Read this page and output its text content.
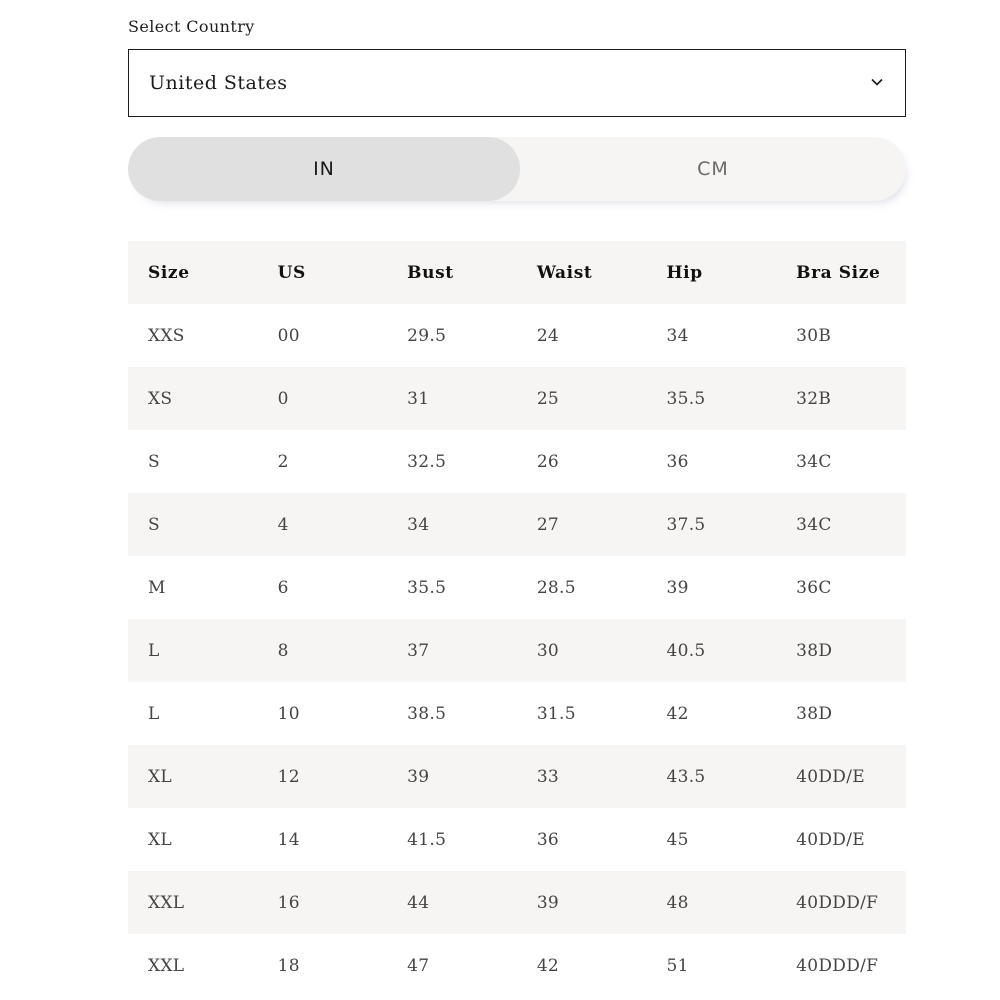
Select Country
United States
IN	CM
Size	US	Bust	Waist	Hip	Bra Size
XXS	00	29.5	24	34	30B
XS	0	31	25	35.5	32B
S	2	32.5	26	36	34C
S	4	34	27	37.5	34C
M	6	35.5	28.5	39	36C
L	8	37	30	40.5	38D
L	10	38.5	31.5	42	38D
XL	12	39	33	43.5	40DD/E
XL	14	41.5	36	45	40DD/E
XXL	16	44	39	48	40DDD/F
XXL	18	47	42	51	40DDD/F
